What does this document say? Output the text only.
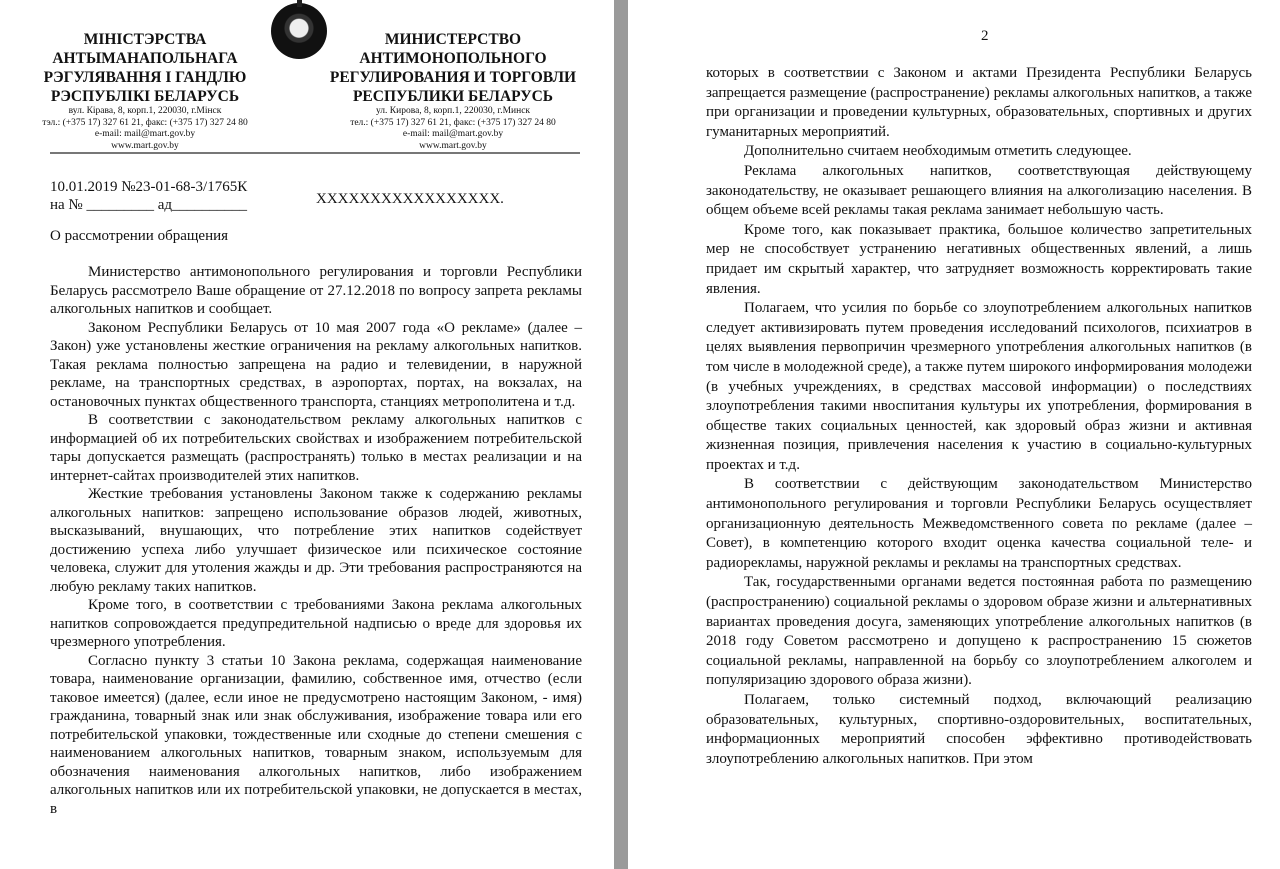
МІНІСТЭРСТВА
АНТЫМАНАПОЛЬНАГА
РЭГУЛЯВАННЯ І ГАНДЛЮ
РЭСПУБЛІКІ БЕЛАРУСЬ
вул. Кірава, 8, корп.1, 220030, г.Мінск
тэл.: (+375 17) 327 61 21, факс: (+375 17) 327 24 80
e-mail: mail@mart.gov.by
www.mart.gov.by
МИНИСТЕРСТВО
АНТИМОНОПОЛЬНОГО
РЕГУЛИРОВАНИЯ И ТОРГОВЛИ
РЕСПУБЛИКИ БЕЛАРУСЬ
ул. Кирова, 8, корп.1, 220030, г.Минск
тел.: (+375 17) 327 61 21, факс: (+375 17) 327 24 80
e-mail: mail@mart.gov.by
www.mart.gov.by
10.01.2019 №23-01-68-3/1765К
на № _________ ад__________	ХХХХХХХХХХХХХХХХХ.
О рассмотрении обращения

Министерство антимонопольного регулирования и торговли Республики Беларусь рассмотрело Ваше обращение от 27.12.2018 по вопросу запрета рекламы алкогольных напитков и сообщает.

Законом Республики Беларусь от 10 мая 2007 года «О рекламе» (далее – Закон) уже установлены жесткие ограничения на рекламу алкогольных напитков. Такая реклама полностью запрещена на радио и телевидении, в наружной рекламе, на транспортных средствах, в аэропортах, портах, на вокзалах, на остановочных пунктах общественного транспорта, станциях метрополитена и т.д.

В соответствии с законодательством рекламу алкогольных напитков с информацией об их потребительских свойствах и изображением потребительской тары допускается размещать (распространять) только в местах реализации и на интернет-сайтах производителей этих напитков.

Жесткие требования установлены Законом также к содержанию рекламы алкогольных напитков: запрещено использование образов людей, животных, высказываний, внушающих, что потребление этих напитков содействует достижению успеха либо улучшает физическое или психическое состояние человека, служит для утоления жажды и др. Эти требования распространяются на любую рекламу таких напитков.

Кроме того, в соответствии с требованиями Закона реклама алкогольных напитков сопровождается предупредительной надписью о вреде для здоровья их чрезмерного употребления.

Согласно пункту 3 статьи 10 Закона реклама, содержащая наименование товара, наименование организации, фамилию, собственное имя, отчество (если таковое имеется) (далее, если иное не предусмотрено настоящим Законом, - имя) гражданина, товарный знак или знак обслуживания, изображение товара или его потребительской упаковки, тождественные или сходные до степени смешения с наименованием алкогольных напитков, товарным знаком, используемым для обозначения наименования алкогольных напитков, либо изображением алкогольных напитков или их потребительской упаковки, не допускается в местах, в

2

которых в соответствии с Законом и актами Президента Республики Беларусь запрещается размещение (распространение) рекламы алкогольных напитков, а также при организации и проведении культурных, образовательных, спортивных и других гуманитарных мероприятий.

Дополнительно считаем необходимым отметить следующее.

Реклама алкогольных напитков, соответствующая действующему законодательству, не оказывает решающего влияния на алкоголизацию населения. В общем объеме всей рекламы такая реклама занимает небольшую часть.

Кроме того, как показывает практика, большое количество запретительных мер не способствует устранению негативных общественных явлений, а лишь придает им скрытый характер, что затрудняет возможность корректировать такие явления.

Полагаем, что усилия по борьбе со злоупотреблением алкогольных напитков следует активизировать путем проведения исследований психологов, психиатров в целях выявления первопричин чрезмерного употребления алкогольных напитков (в том числе в молодежной среде), а также путем широкого информирования молодежи (в учебных учреждениях, в средствах массовой информации) о последствиях злоупотребления такими нвоспитания культуры их употребления, формирования в обществе таких социальных ценностей, как здоровый образ жизни и активная жизненная позиция, привлечения населения к участию в социально-культурных проектах и т.д.

В соответствии с действующим законодательством Министерство антимонопольного регулирования и торговли Республики Беларусь осуществляет организационную деятельность Межведомственного совета по рекламе (далее – Совет), в компетенцию которого входит оценка качества социальной теле- и радиорекламы, наружной рекламы и рекламы на транспортных средствах.

Так, государственными органами ведется постоянная работа по размещению (распространению) социальной рекламы о здоровом образе жизни и альтернативных вариантах проведения досуга, заменяющих употребление алкогольных напитков (в 2018 году Советом рассмотрено и допущено к распространению 15 сюжетов социальной рекламы, направленной на борьбу со злоупотреблением алкоголем и популяризацию здорового образа жизни).

Полагаем, только системный подход, включающий реализацию образовательных, культурных, спортивно-оздоровительных, воспитательных, информационных мероприятий способен эффективно противодействовать злоупотреблению алкогольных напитков. При этом
